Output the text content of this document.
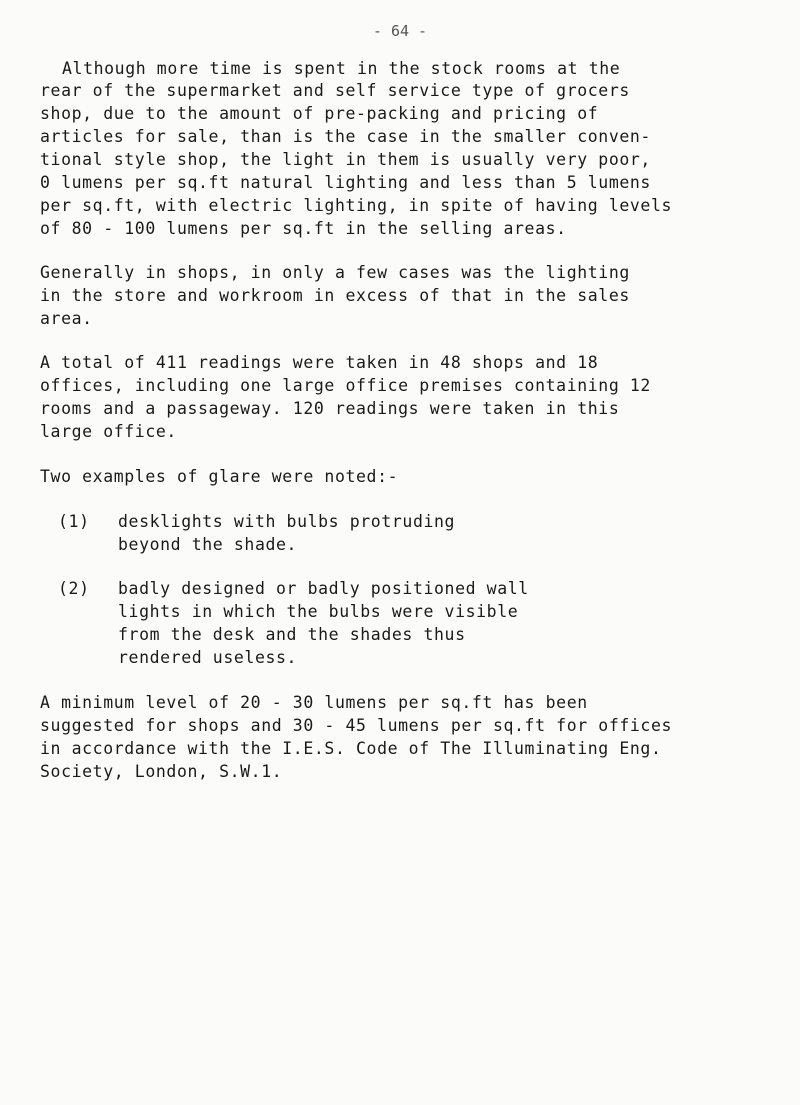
- 64 -
Although more time is spent in the stock rooms at the
rear of the supermarket and self service type of grocers
shop, due to the amount of pre-packing and pricing of
articles for sale, than is the case in the smaller conven-
tional style shop, the light in them is usually very poor,
0 lumens per sq.ft natural lighting and less than 5 lumens
per sq.ft, with electric lighting, in spite of having levels
of 80 - 100 lumens per sq.ft in the selling areas.
Generally in shops, in only a few cases was the lighting
in the store and workroom in excess of that in the sales
area.
A total of 411 readings were taken in 48 shops and 18
offices, including one large office premises containing 12
rooms and a passageway. 120 readings were taken in this
large office.
Two examples of glare were noted:-
(1) desklights with bulbs protruding
beyond the shade.
(2) badly designed or badly positioned wall
lights in which the bulbs were visible
from the desk and the shades thus
rendered useless.
A minimum level of 20 - 30 lumens per sq.ft has been
suggested for shops and 30 - 45 lumens per sq.ft for offices
in accordance with the I.E.S. Code of The Illuminating Eng.
Society, London, S.W.1.
